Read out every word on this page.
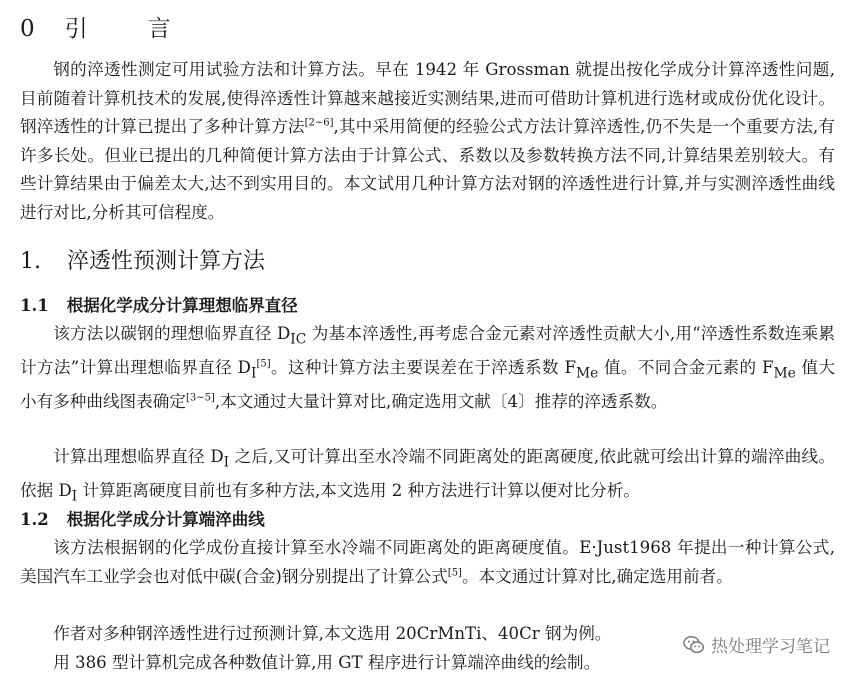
0 引	言

钢的淬透性测定可用试验方法和计算方法。早在 1942 年 Grossman 就提出按化学成分计算淬透性问题,目前随着计算机技术的发展,使得淬透性计算越来越接近实测结果,进而可借助计算机进行选材或成份优化设计。钢淬透性的计算已提出了多种计算方法[2~6],其中采用简便的经验公式方法计算淬透性,仍不失是一个重要方法,有许多长处。但业已提出的几种简便计算方法由于计算公式、系数以及参数转换方法不同,计算结果差别较大。有些计算结果由于偏差太大,达不到实用目的。本文试用几种计算方法对钢的淬透性进行计算,并与实测淬透性曲线进行对比,分析其可信程度。

1. 淬透性预测计算方法
1.1 根据化学成分计算理想临界直径

该方法以碳钢的理想临界直径 $D_{IC}$ 为基本淬透性,再考虑合金元素对淬透性贡献大小,用“淬透性系数连乘累计方法”计算出理想临界直径 $D_I[5]$。这种计算方法主要误差在于淬透系数 $F_{Me}$ 值。不同合金元素的 $F_{Me}$ 值大小有多种曲线图表确定[3~5],本文通过大量计算对比,确定选用文献〔4〕推荐的淬透系数。

计算出理想临界直径 $D_I$ 之后,又可计算出至水冷端不同距离处的距离硬度,依此就可绘出计算的端淬曲线。依据 $D_I$ 计算距离硬度目前也有多种方法,本文选用 2 种方法进行计算以便对比分析。

1.2 根据化学成分计算端淬曲线

该方法根据钢的化学成份直接计算至水冷端不同距离处的距离硬度值。E·Just1968 年提出一种计算公式,美国汽车工业学会也对低中碳(合金)钢分别提出了计算公式[5]。本文通过计算对比,确定选用前者。

作者对多种钢淬透性进行过预测计算,本文选用 20CrMnTi、40Cr 钢为例。

用 386 型计算机完成各种数值计算,用 GT 程序进行计算端淬曲线的绘制。

热处理学习笔记
